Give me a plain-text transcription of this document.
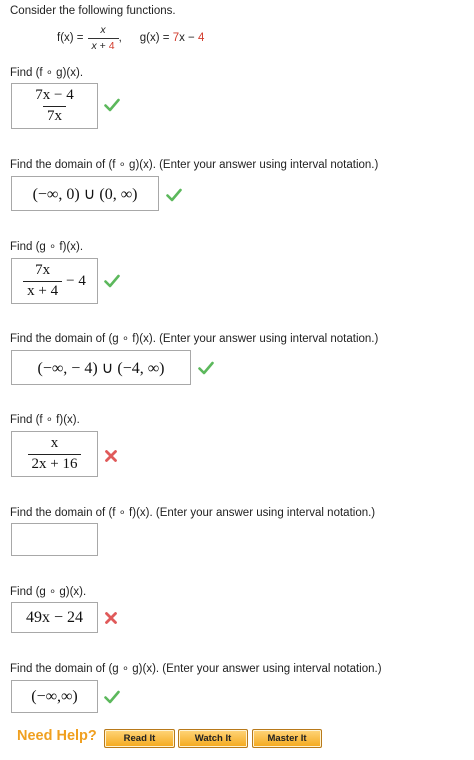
Consider the following functions.
$f(x) = \frac{x}{x + 4}$ , g(x) = 7x − 4
Find (f ∘ g)(x).
$\frac{7x - 4}{7x}$
Find the domain of (f ∘ g)(x). (Enter your answer using interval notation.)
(−∞, 0) ∪ (0, ∞)
Find (g ∘ f)(x).
$\frac{7x}{x + 4} - 4$
Find the domain of (g ∘ f)(x). (Enter your answer using interval notation.)
(−∞, − 4) ∪ (−4, ∞)
Find (f ∘ f)(x).
$\frac{x}{2x + 16}$
Find the domain of (f ∘ f)(x). (Enter your answer using interval notation.)
Find (g ∘ g)(x).
49x − 24
Find the domain of (g ∘ g)(x). (Enter your answer using interval notation.)
(−∞,∞)
Need Help?	Read It	Watch It	Master It
